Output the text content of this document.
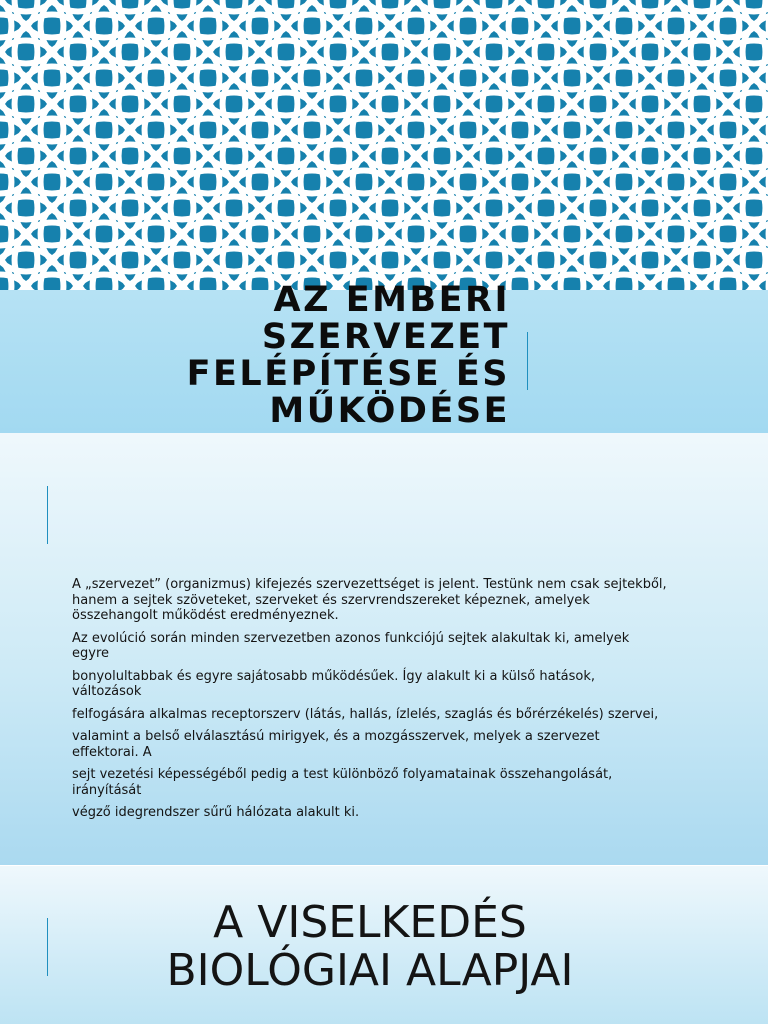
AZ EMBERI
SZERVEZET
FELÉPÍTÉSE ÉS
MŰKÖDÉSE

A „szervezet” (organizmus) kifejezés szervezettséget is jelent. Testünk nem csak sejtekből, hanem a sejtek szöveteket, szerveket és szervrendszereket képeznek, amelyek összehangolt működést eredményeznek.

Az evolúció során minden szervezetben azonos funkciójú sejtek alakultak ki, amelyek egyre

bonyolultabbak és egyre sajátosabb működésűek. Így alakult ki a külső hatások, változások

felfogására alkalmas receptorszerv (látás, hallás, ízlelés, szaglás és bőrérzékelés) szervei,

valamint a belső elválasztású mirigyek, és a mozgásszervek, melyek a szervezet effektorai. A

sejt vezetési képességéből pedig a test különböző folyamatainak összehangolását, irányítását

végző idegrendszer sűrű hálózata alakult ki.

A VISELKEDÉS
BIOLÓGIAI ALAPJAI
